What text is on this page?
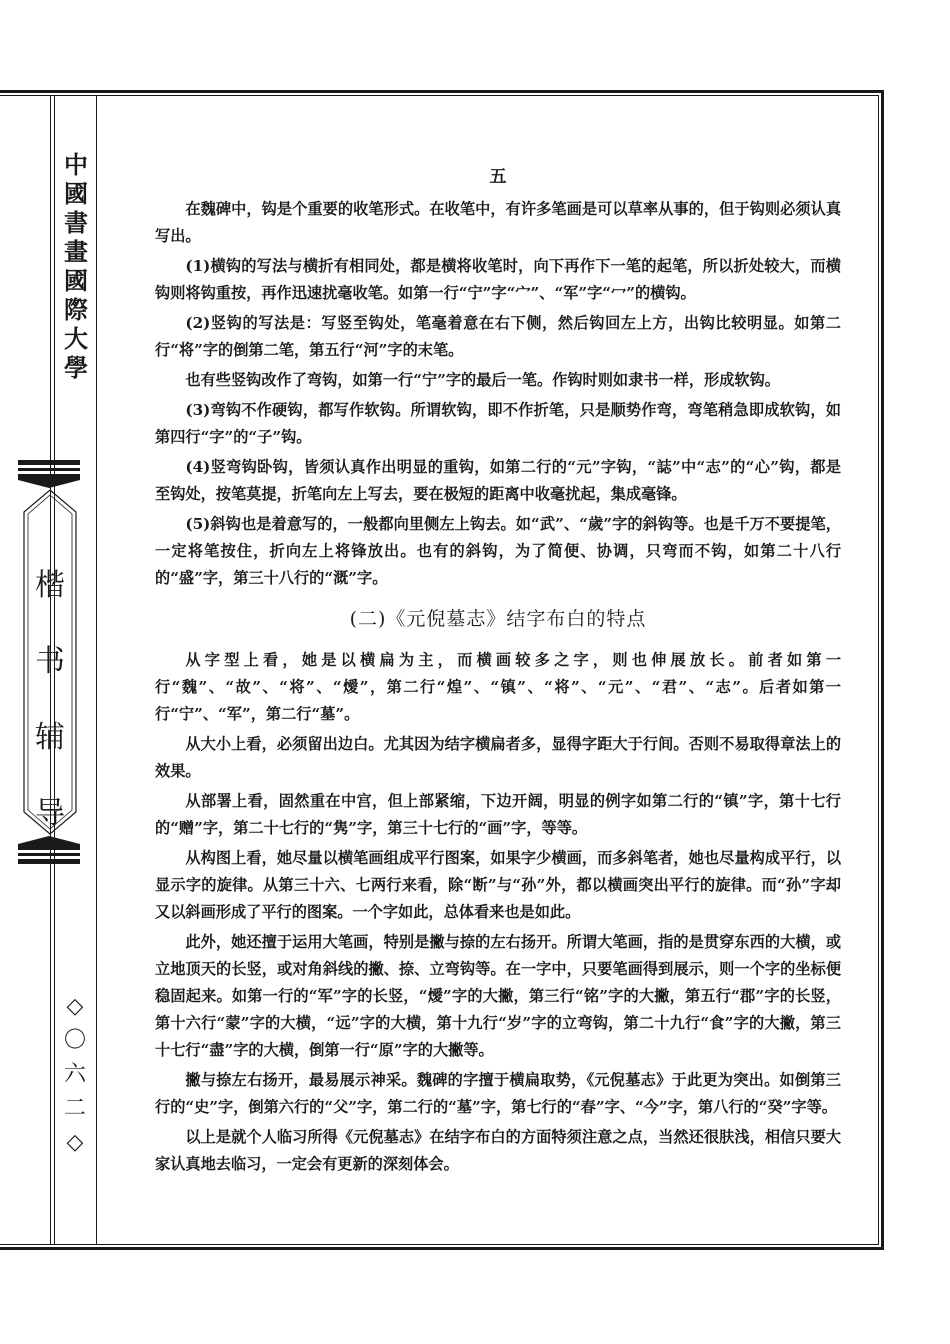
中
國
書
畫
國
際
大
學
楷
书
辅
导
◇
〇
六
二
◇
五

在魏碑中，钩是个重要的收笔形式。在收笔中，有许多笔画是可以草率从事的，但于钩则必须认真写出。

(1)横钩的写法与横折有相同处，都是横将收笔时，向下再作下一笔的起笔，所以折处较大，而横钩则将钩重按，再作迅速扰毫收笔。如第一行“宁”字“宀”、“军”字“冖”的横钩。

(2)竖钩的写法是：写竖至钩处，笔毫着意在右下侧，然后钩回左上方，出钩比较明显。如第二行“将”字的倒第二笔，第五行“河”字的末笔。

也有些竖钩改作了弯钩，如第一行“宁”字的最后一笔。作钩时则如隶书一样，形成软钩。

(3)弯钩不作硬钩，都写作软钩。所谓软钩，即不作折笔，只是顺势作弯，弯笔稍急即成软钩，如第四行“字”的“子”钩。

(4)竖弯钩卧钩，皆须认真作出明显的重钩，如第二行的“元”字钩，“誌”中“志”的“心”钩，都是至钩处，按笔莫提，折笔向左上写去，要在极短的距离中收毫扰起，集成毫锋。

(5)斜钩也是着意写的，一般都向里侧左上钩去。如“武”、“歲”字的斜钩等。也是千万不要提笔，一定将笔按住，折向左上将锋放出。也有的斜钩，为了简便、协调，只弯而不钩，如第二十八行的“盛”字，第三十八行的“溉”字。

(二)《元倪墓志》结字布白的特点

从字型上看，她是以横扁为主，而横画较多之字，则也伸展放长。前者如第一行“魏”、“故”、“将”、“燰”，第二行“煌”、“镇”、“将”、“元”、“君”、“志”。后者如第一行“宁”、“军”，第二行“墓”。

从大小上看，必须留出边白。尤其因为结字横扁者多，显得字距大于行间。否则不易取得章法上的效果。

从部署上看，固然重在中宫，但上部紧缩，下边开阔，明显的例字如第二行的“镇”字，第十七行的“赠”字，第二十七行的“隽”字，第三十七行的“画”字，等等。

从构图上看，她尽量以横笔画组成平行图案，如果字少横画，而多斜笔者，她也尽量构成平行，以显示字的旋律。从第三十六、七两行来看，除“断”与“孙”外，都以横画突出平行的旋律。而“孙”字却又以斜画形成了平行的图案。一个字如此，总体看来也是如此。

此外，她还擅于运用大笔画，特别是撇与捺的左右扬开。所谓大笔画，指的是贯穿东西的大横，或立地顶天的长竖，或对角斜线的撇、捺、立弯钩等。在一字中，只要笔画得到展示，则一个字的坐标便稳固起来。如第一行的“军”字的长竖，“燰”字的大撇，第三行“铭”字的大撇，第五行“郡”字的长竖，第十六行“蒙”字的大横，“远”字的大横，第十九行“岁”字的立弯钩，第二十九行“食”字的大撇，第三十七行“盡”字的大横，倒第一行“原”字的大撇等。

撇与捺左右扬开，最易展示神采。魏碑的字擅于横扁取势，《元倪墓志》于此更为突出。如倒第三行的“史”字，倒第六行的“父”字，第二行的“墓”字，第七行的“春”字、“今”字，第八行的“癸”字等。

以上是就个人临习所得《元倪墓志》在结字布白的方面特须注意之点，当然还很肤浅，相信只要大家认真地去临习，一定会有更新的深刻体会。
